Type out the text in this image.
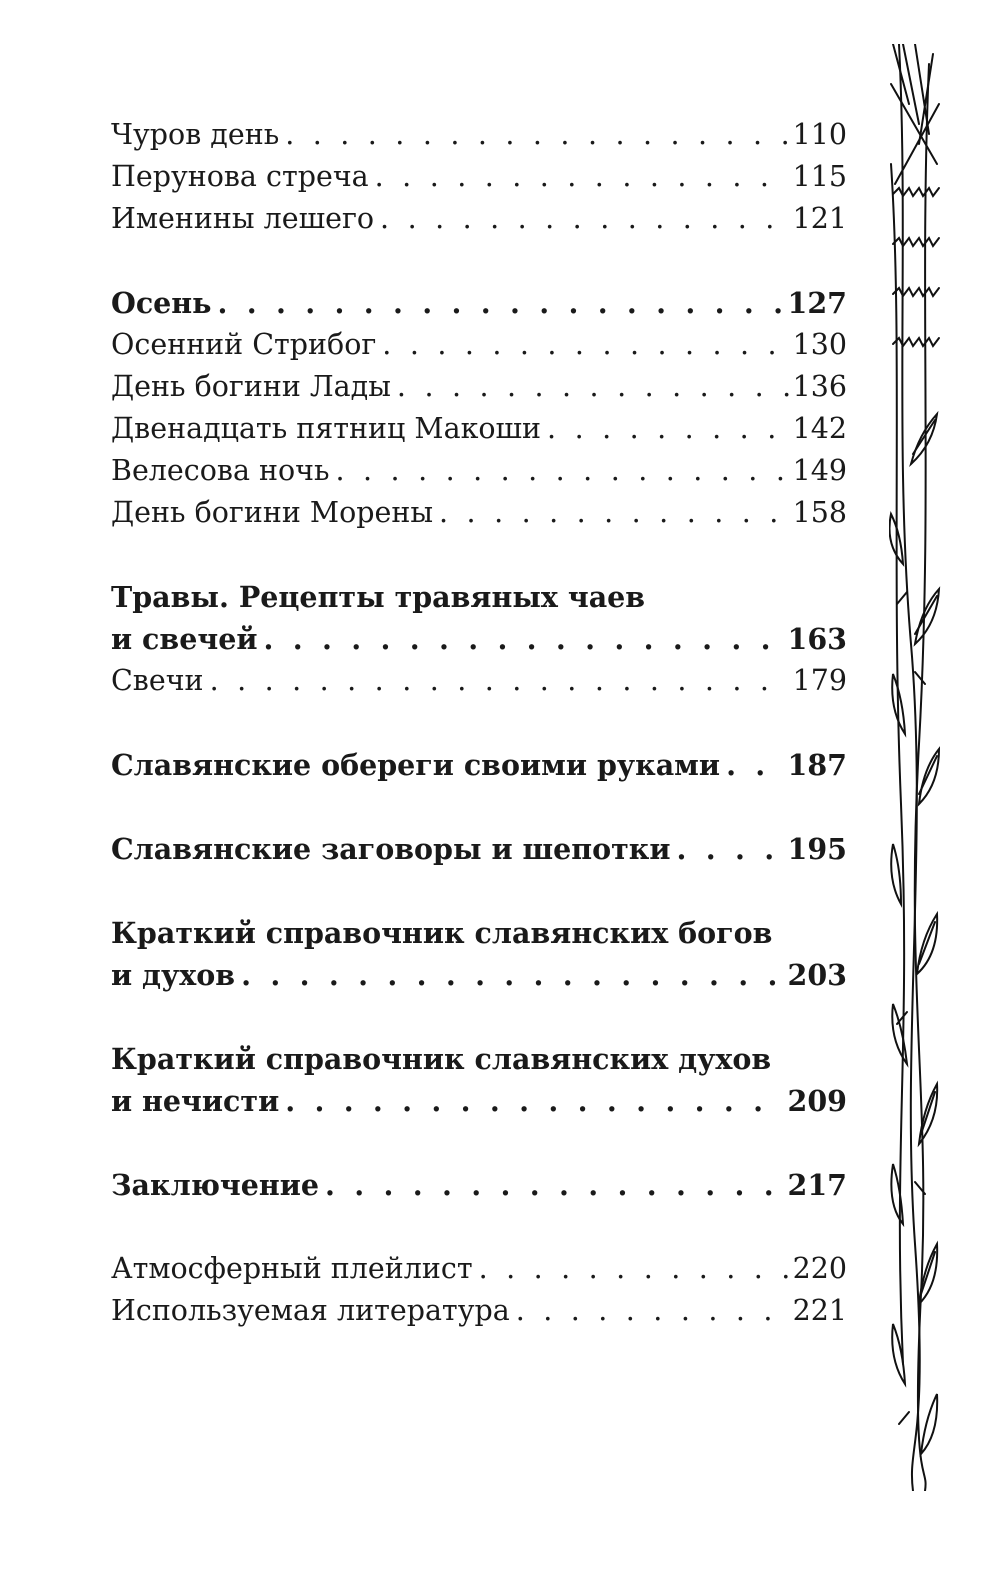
Чуров день . . .	110
Перунова стреча . . .	115
Именины лешего . . .	121
Осень . . .	127
Осенний Стрибог . . .	130
День богини Лады . . .	136
Двенадцать пятниц Макоши . . .	142
Велесова ночь . . .	149
День богини Морены . . .	158
Травы. Рецепты травяных чаев
и свечей . . .	163
Свечи . . .	179
Славянские обереги своими руками . . . 187
Славянские заговоры и шепотки . . .	195
Краткий справочник славянских богов
и духов . . .	203
Краткий справочник славянских духов
и нечисти . . .	209
Заключение . . .	217
Атмосферный плейлист . . .	220
Используемая литература . . .	221
